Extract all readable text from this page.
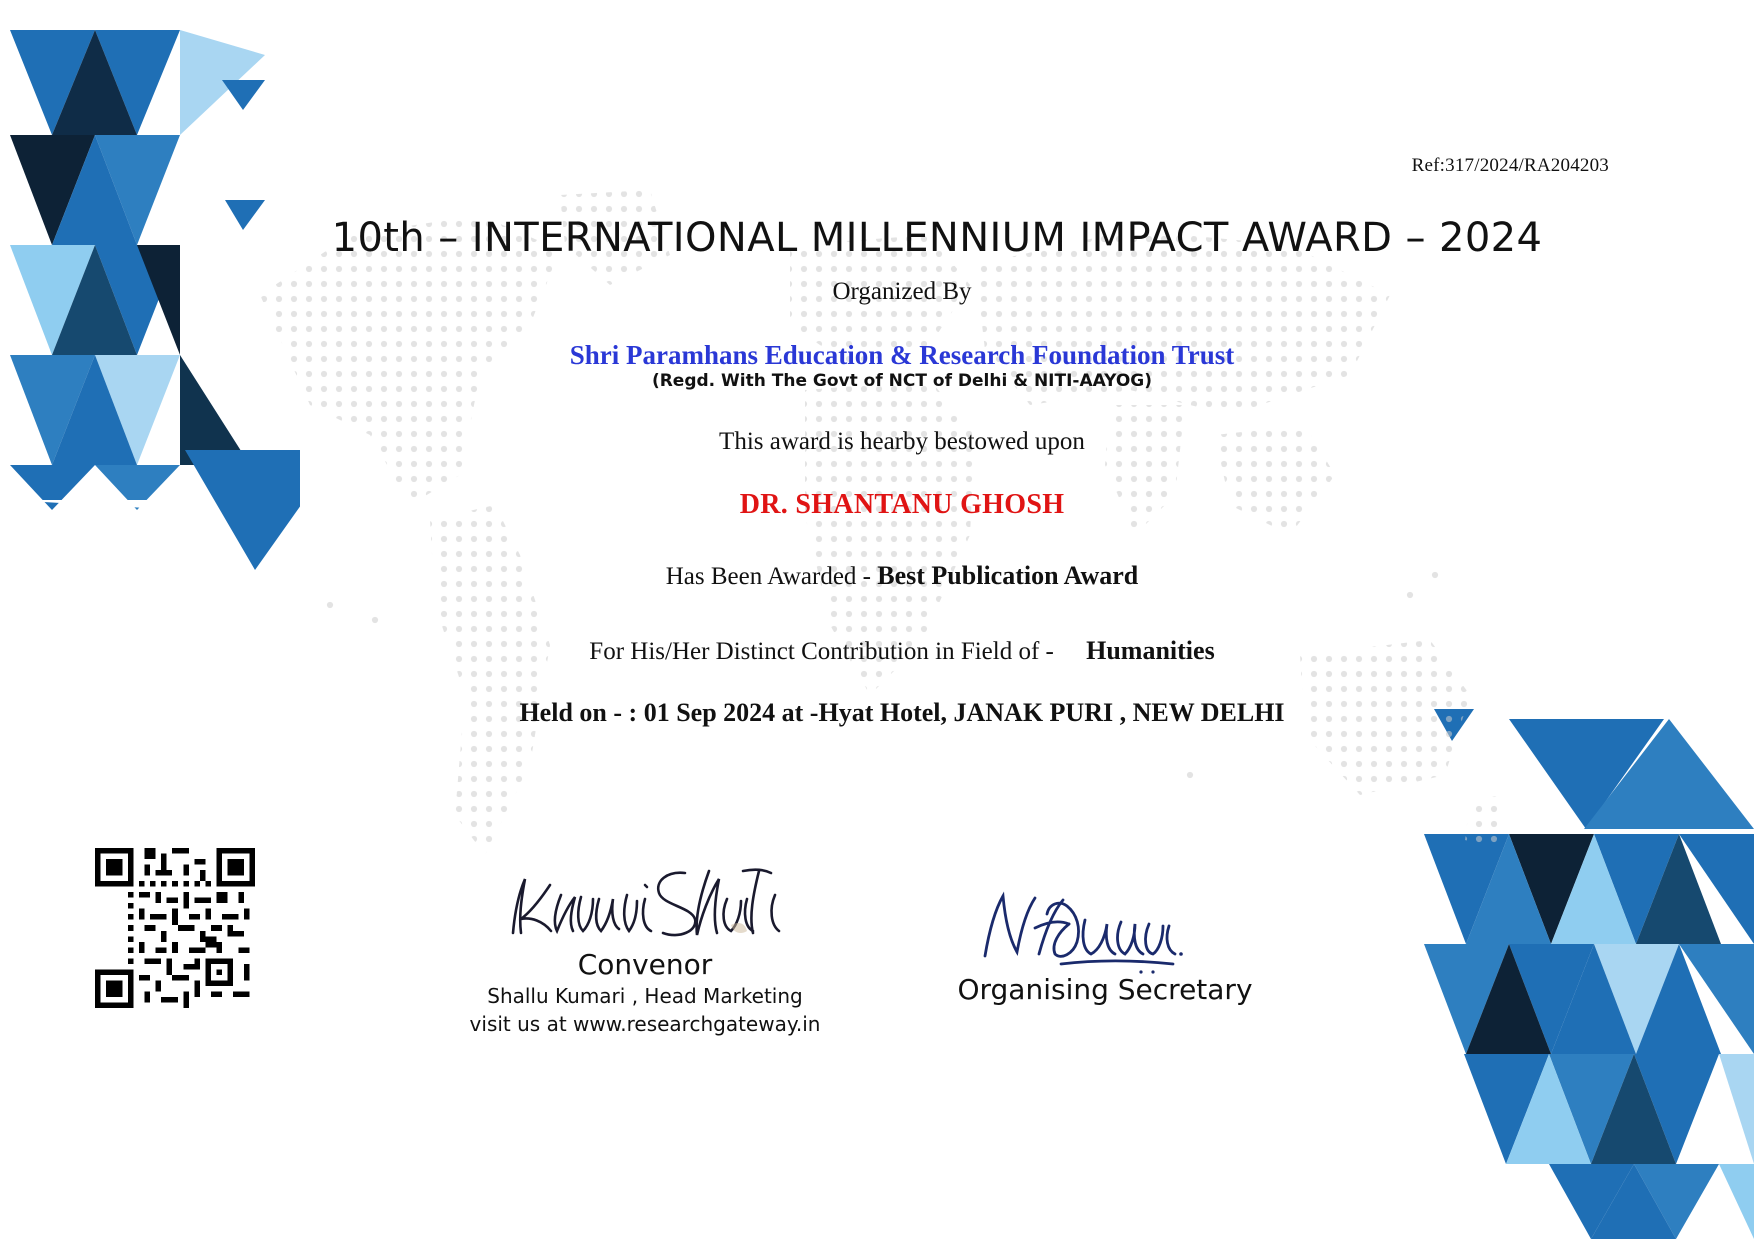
Ref:317/2024/RA204203
10th – INTERNATIONAL MILLENNIUM IMPACT AWARD – 2024
Organized By
Shri Paramhans Education & Research Foundation Trust
(Regd. With The Govt of NCT of Delhi & NITI-AAYOG)
This award is hearby bestowed upon
DR. SHANTANU GHOSH
Has Been Awarded - Best Publication Award
For His/Her Distinct Contribution in Field of - Humanities
Held on - : 01 Sep 2024 at -Hyat Hotel, JANAK PURI , NEW DELHI
Convenor
Shallu Kumari , Head Marketing
visit us at www.researchgateway.in
Organising Secretary
